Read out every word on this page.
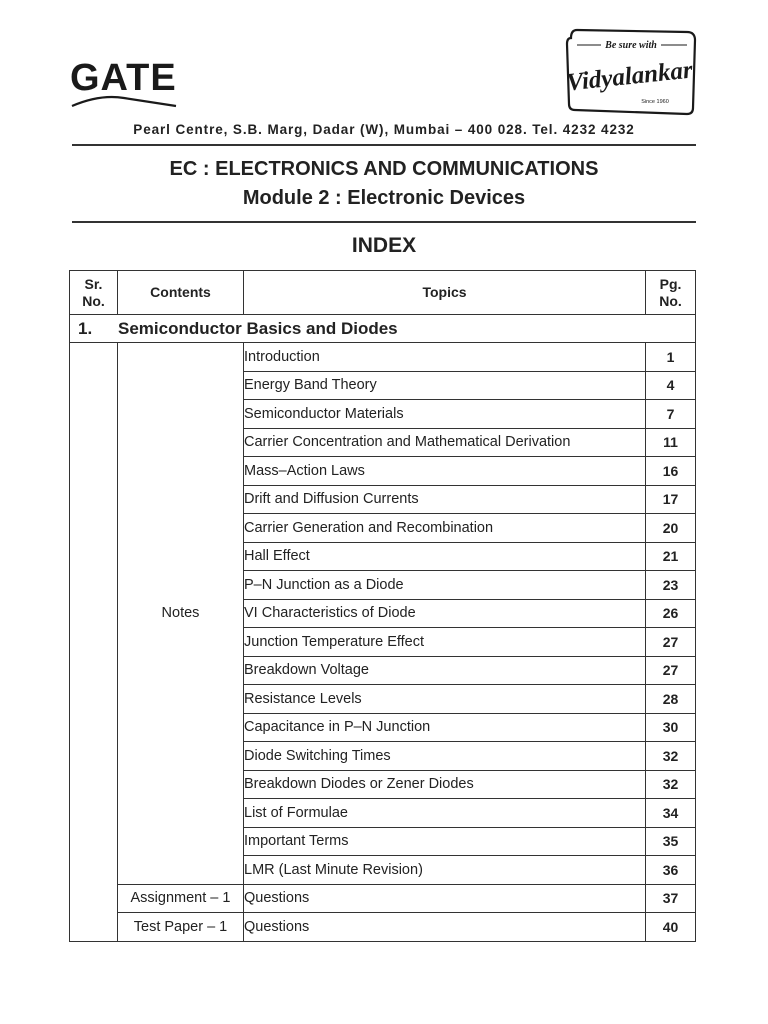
GATE
Be sure with
Vidyalankar
Since 1960
Pearl Centre, S.B. Marg, Dadar (W), Mumbai – 400 028. Tel. 4232 4232
EC : ELECTRONICS AND COMMUNICATIONS
Module 2 : Electronic Devices
INDEX
Sr.
No.	Contents	Topics	Pg.
No.
1. Semiconductor Basics and Diodes			
	Notes	Introduction	1
		Energy Band Theory	4
		Semiconductor Materials	7
		Carrier Concentration and Mathematical Derivation	11
		Mass–Action Laws	16
		Drift and Diffusion Currents	17
		Carrier Generation and Recombination	20
		Hall Effect	21
		P–N Junction as a Diode	23
		VI Characteristics of Diode	26
		Junction Temperature Effect	27
		Breakdown Voltage	27
		Resistance Levels	28
		Capacitance in P–N Junction	30
		Diode Switching Times	32
		Breakdown Diodes or Zener Diodes	32
		List of Formulae	34
		Important Terms	35
		LMR (Last Minute Revision)	36
	Assignment – 1	Questions	37
	Test Paper – 1	Questions	40
